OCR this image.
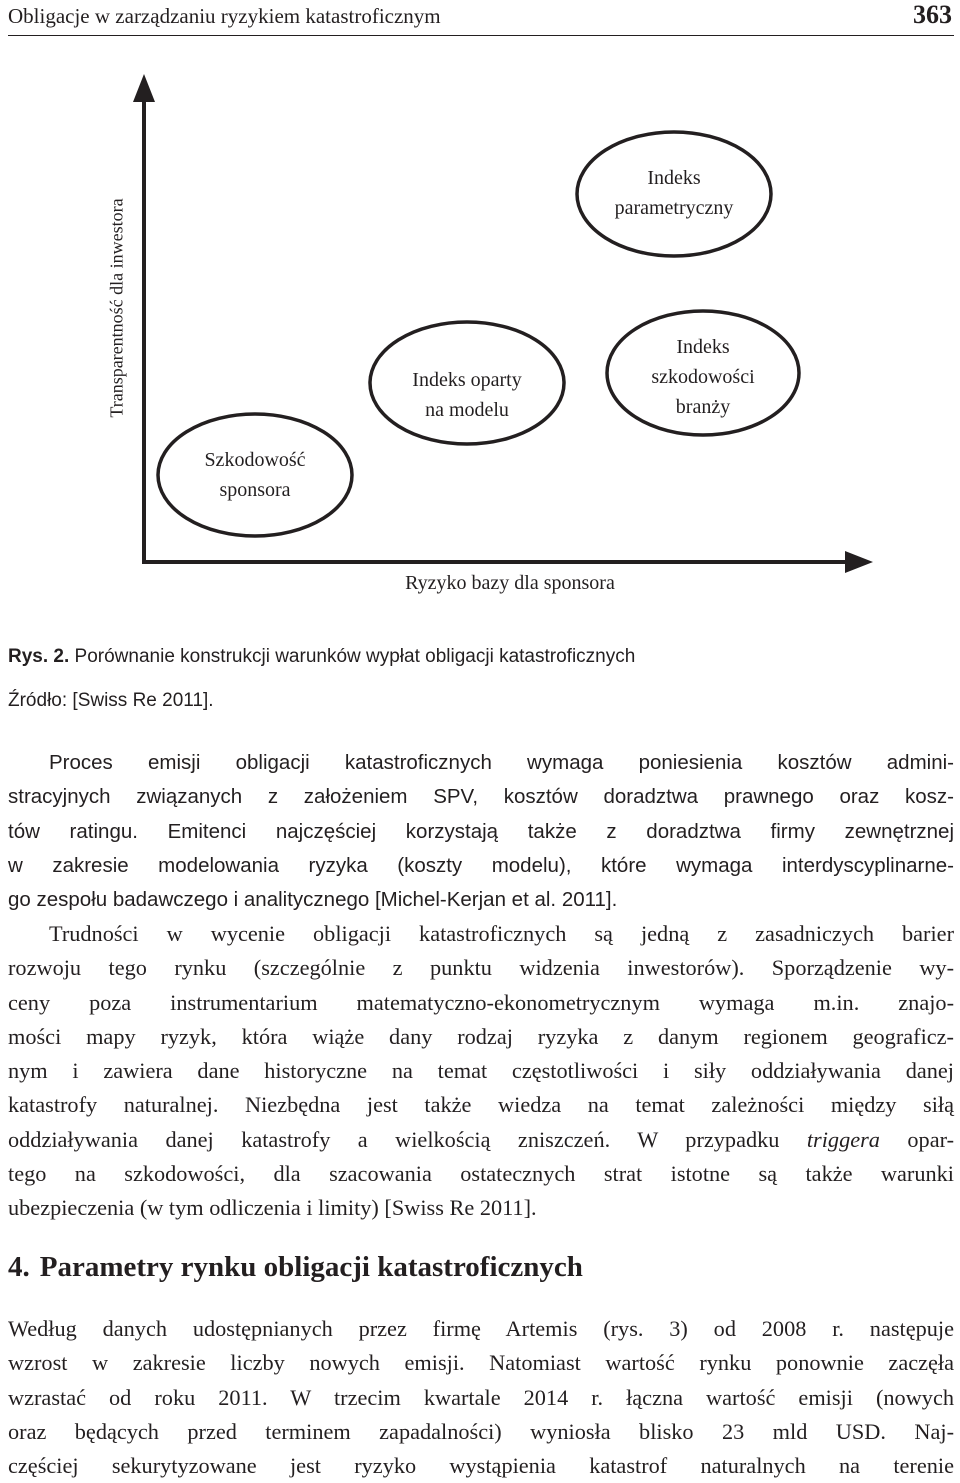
Obligacje w zarządzaniu ryzykiem katastroficznym	363
Szkodowość
sponsora
Indeks oparty
na modelu
Indeks
szkodowości
branży
Indeks
parametryczny
Transparentność dla inwestora
Ryzyko bazy dla sponsora
Rys. 2. Porównanie konstrukcji warunków wypłat obligacji katastroficznych
Źródło: [Swiss Re 2011].
Proces emisji obligacji katastroficznych wymaga poniesienia kosztów admini-
stracyjnych związanych z założeniem SPV, kosztów doradztwa prawnego oraz kosz-
tów ratingu. Emitenci najczęściej korzystają także z doradztwa firmy zewnętrznej
w zakresie modelowania ryzyka (koszty modelu), które wymaga interdyscyplinarne-
go zespołu badawczego i analitycznego [Michel-Kerjan et al. 2011].
Trudności w wycenie obligacji katastroficznych są jedną z zasadniczych barier
rozwoju tego rynku (szczególnie z punktu widzenia inwestorów). Sporządzenie wy-
ceny poza instrumentarium matematyczno-ekonometrycznym wymaga m.in. znajo-
mości mapy ryzyk, która wiąże dany rodzaj ryzyka z danym regionem geograficz-
nym i zawiera dane historyczne na temat częstotliwości i siły oddziaływania danej
katastrofy naturalnej. Niezbędna jest także wiedza na temat zależności między siłą
oddziaływania danej katastrofy a wielkością zniszczeń. W przypadku triggera opar-
tego na szkodowości, dla szacowania ostatecznych strat istotne są także warunki
ubezpieczenia (w tym odliczenia i limity) [Swiss Re 2011].
4. Parametry rynku obligacji katastroficznych
Według danych udostępnianych przez firmę Artemis (rys. 3) od 2008 r. następuje
wzrost w zakresie liczby nowych emisji. Natomiast wartość rynku ponownie zaczęła
wzrastać od roku 2011. W trzecim kwartale 2014 r. łączna wartość emisji (nowych
oraz będących przed terminem zapadalności) wyniosła blisko 23 mld USD. Naj-
częściej sekurytyzowane jest ryzyko wystąpienia katastrof naturalnych na terenie
